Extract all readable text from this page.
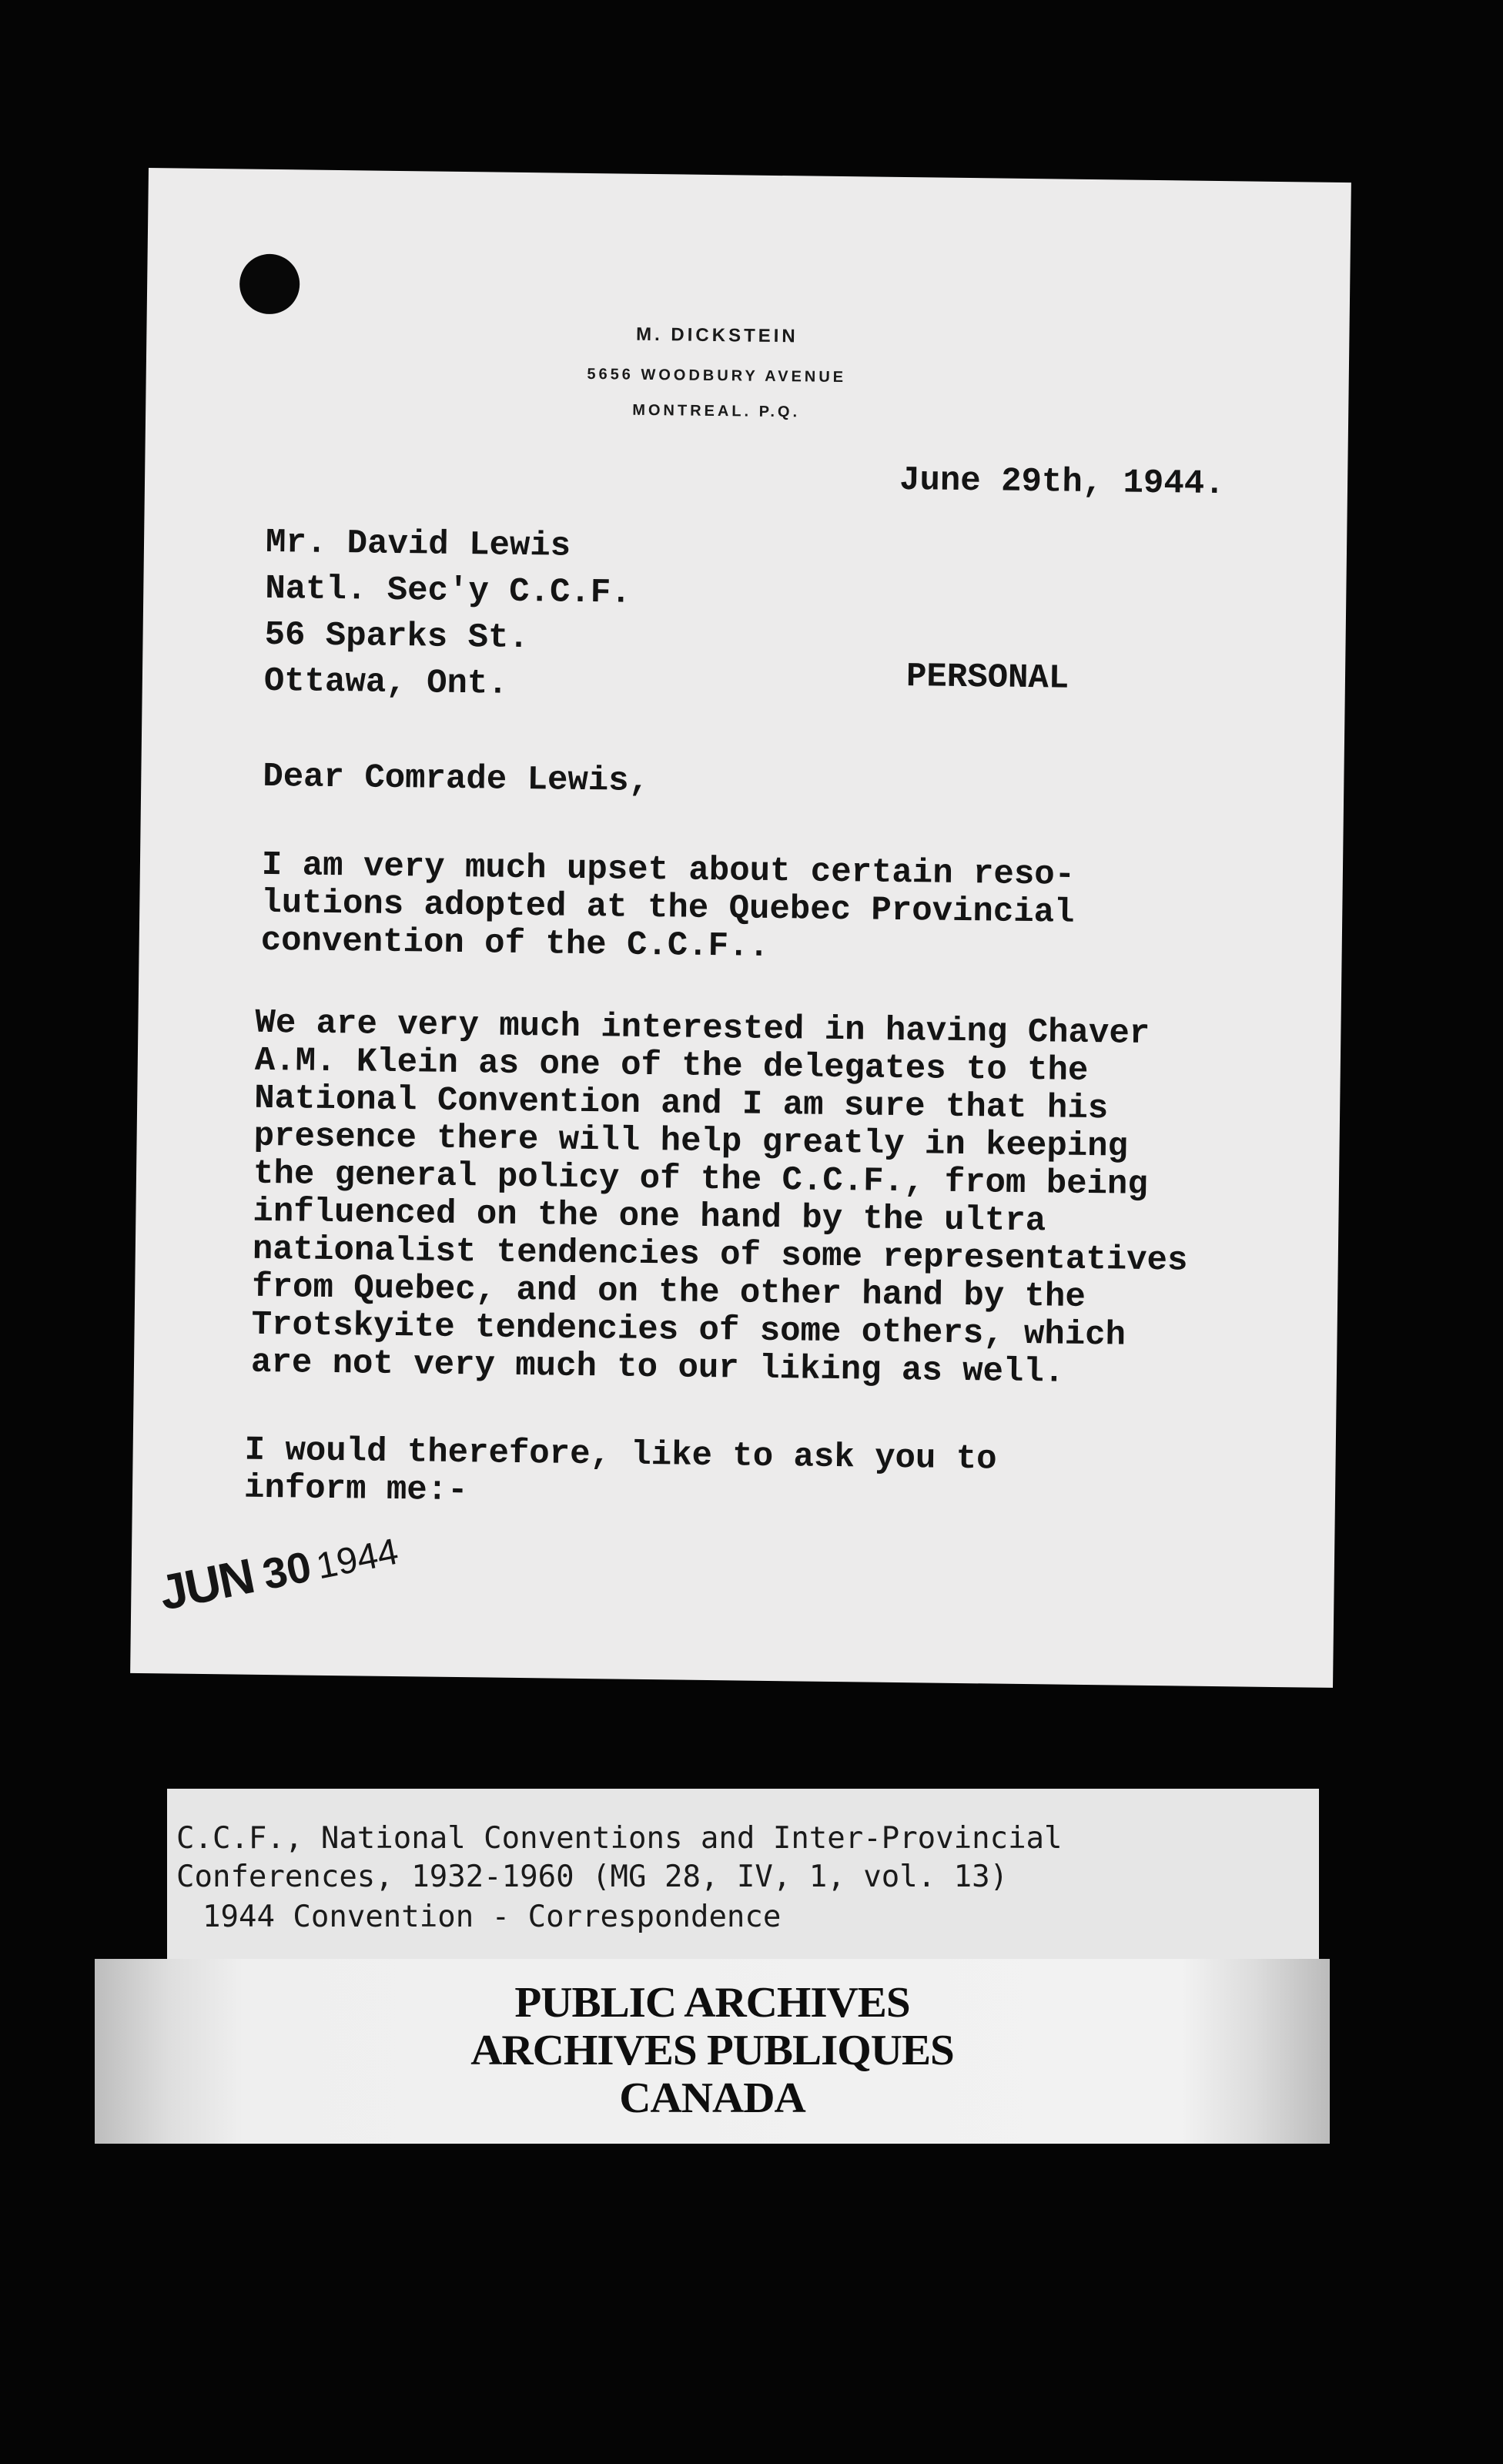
M. DICKSTEIN
5656 WOODBURY AVENUE
MONTREAL. P.Q.
June 29th, 1944.
Mr. David Lewis
Natl. Sec'y C.C.F.
56 Sparks St.
Ottawa, Ont.	PERSONAL
Dear Comrade Lewis,
I am very much upset about certain reso-
lutions adopted at the Quebec Provincial
convention of the C.C.F..
We are very much interested in having Chaver
A.M. Klein as one of the delegates to the
National Convention and I am sure that his
presence there will help greatly in keeping
the general policy of the C.C.F., from being
influenced on the one hand by the ultra
nationalist tendencies of some representatives
from Quebec, and on the other hand by the
Trotskyite tendencies of some others, which
are not very much to our liking as well.
I would therefore, like to ask you to
inform me:-
JUN301944
C.C.F., National Conventions and Inter-Provincial
Conferences, 1932-1960 (MG 28, IV, 1, vol. 13)
1944 Convention - Correspondence
PUBLIC ARCHIVES
ARCHIVES PUBLIQUES
CANADA
